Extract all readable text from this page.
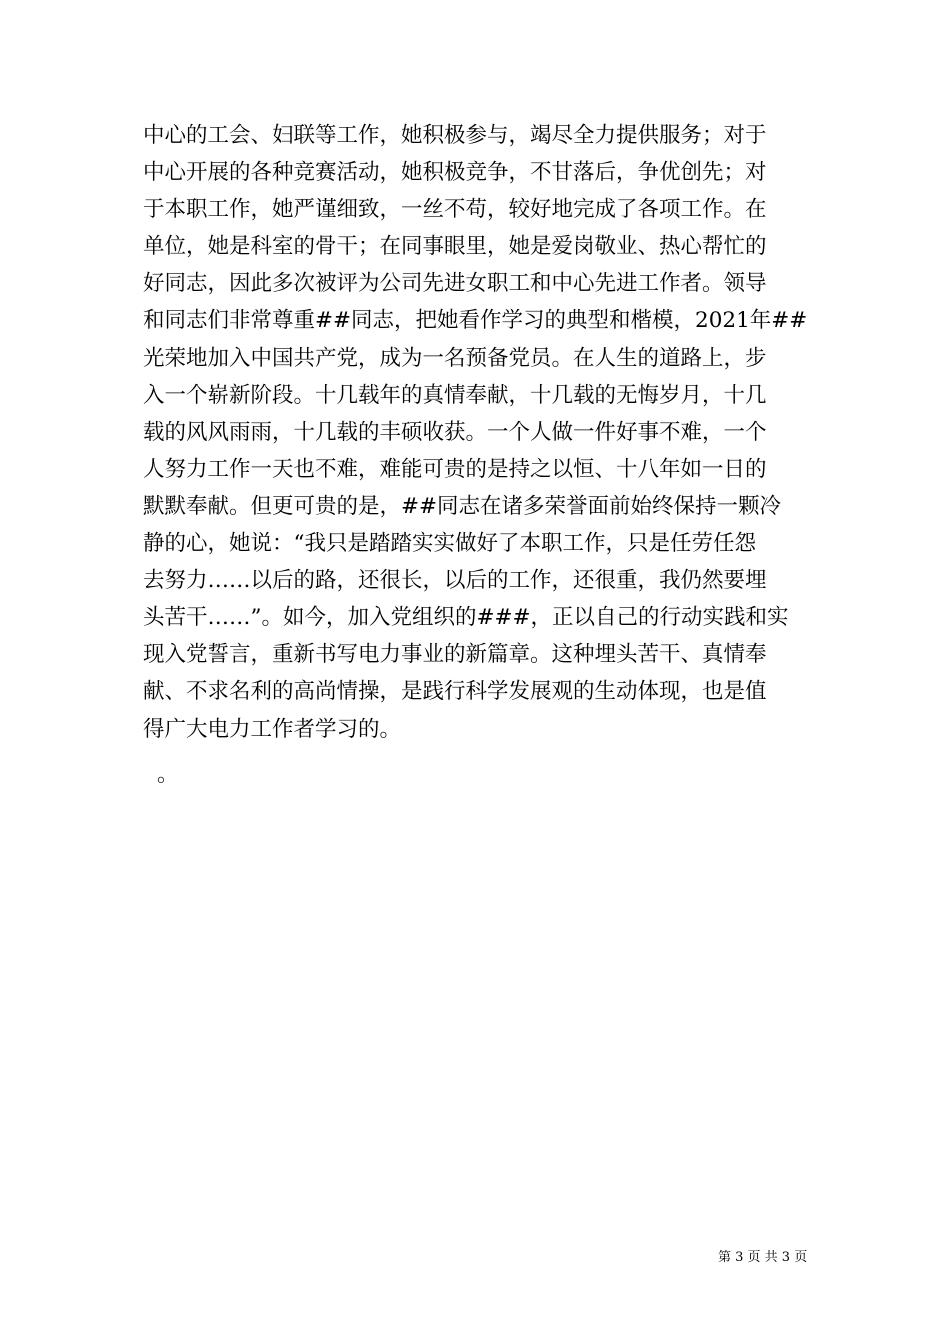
中心的工会、妇联等工作，她积极参与，竭尽全力提供服务；对于
中心开展的各种竞赛活动，她积极竞争，不甘落后，争优创先；对
于本职工作，她严谨细致，一丝不苟，较好地完成了各项工作。在
单位，她是科室的骨干；在同事眼里，她是爱岗敬业、热心帮忙的
好同志，因此多次被评为公司先进女职工和中心先进工作者。领导
和同志们非常尊重##同志，把她看作学习的典型和楷模，2021年##
光荣地加入中国共产党，成为一名预备党员。在人生的道路上，步
入一个崭新阶段。十几载年的真情奉献，十几载的无悔岁月，十几
载的风风雨雨，十几载的丰硕收获。一个人做一件好事不难，一个
人努力工作一天也不难，难能可贵的是持之以恒、十八年如一日的
默默奉献。但更可贵的是，##同志在诸多荣誉面前始终保持一颗冷
静的心，她说：“我只是踏踏实实做好了本职工作，只是任劳任怨
去努力……以后的路，还很长，以后的工作，还很重，我仍然要埋
头苦干……”。如今，加入党组织的###，正以自己的行动实践和实
现入党誓言，重新书写电力事业的新篇章。这种埋头苦干、真情奉
献、不求名利的高尚情操，是践行科学发展观的生动体现，也是值
得广大电力工作者学习的。
。
第 3 页 共 3 页
